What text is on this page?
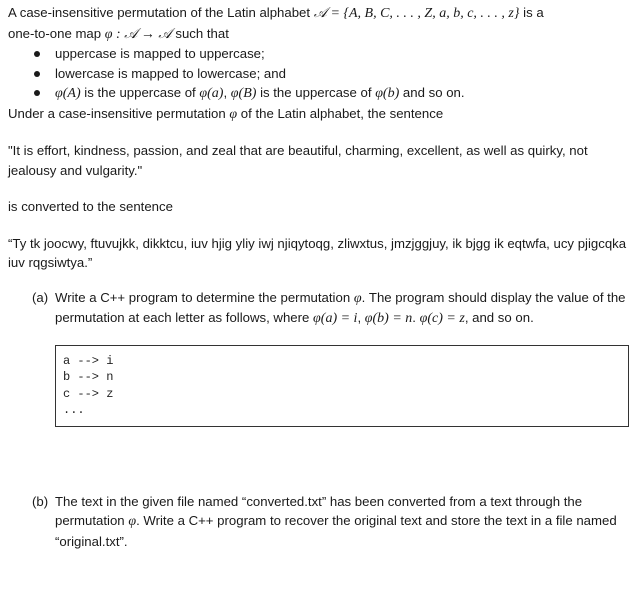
A case-insensitive permutation of the Latin alphabet 𝒜 = {A, B, C, . . . , Z, a, b, c, . . . , z} is a
one-to-one map φ : 𝒜 → 𝒜 such that

uppercase is mapped to uppercase;
lowercase is mapped to lowercase; and
φ(A) is the uppercase of φ(a), φ(B) is the uppercase of φ(b) and so on.

Under a case-insensitive permutation φ of the Latin alphabet, the sentence

"It is effort, kindness, passion, and zeal that are beautiful, charming, excellent, as well as quirky, not jealousy and vulgarity."

is converted to the sentence

“Ty tk joocwy, ftuvujkk, dikktcu, iuv hjig yliy iwj njiqytoqg, zliwxtus, jmzjggjuy, ik bjgg ik eqtwfa, ucy pjigcqka iuv rqgsiwtya.”

(a) Write a C++ program to determine the permutation φ. The program should display the value of the permutation at each letter as follows, where φ(a) = i, φ(b) = n. φ(c) = z, and so on.
a --> i
b --> n
c --> z
...
(b) The text in the given file named “converted.txt” has been converted from a text through the permutation φ. Write a C++ program to recover the original text and store the text in a file named “original.txt”.
